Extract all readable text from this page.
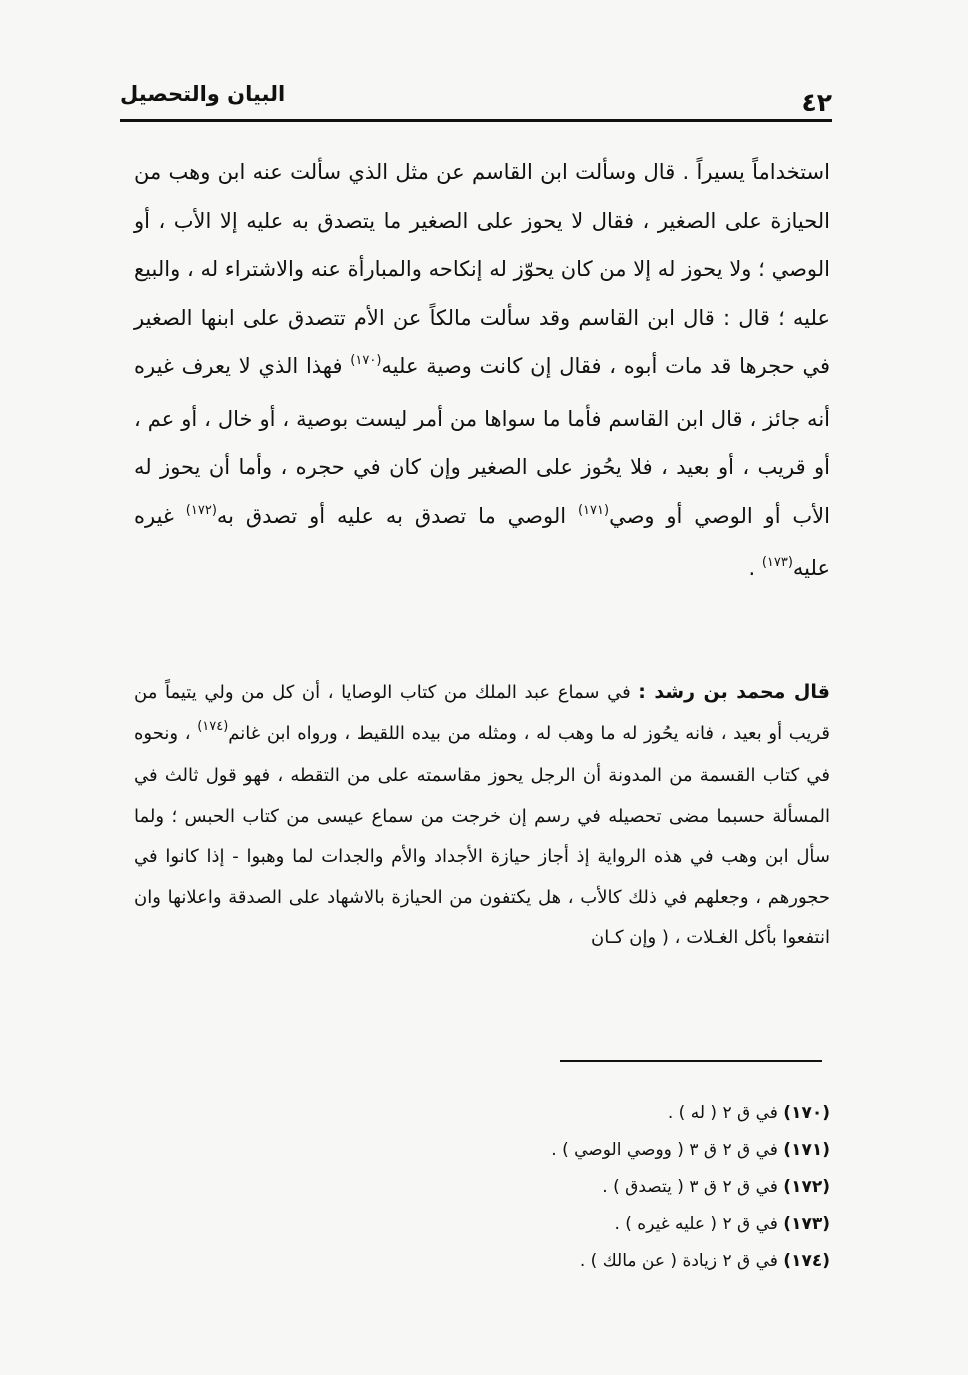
٤٢
البيان والتحصيل

استخداماً يسيراً . قال وسألت ابن القاسم عن مثل الذي سألت عنه ابن وهب من الحيازة على الصغير ، فقال لا يحوز على الصغير ما يتصدق به عليه إلا الأب ، أو الوصي ؛ ولا يحوز له إلا من كان يحوّز له إنكاحه والمبارأة عنه والاشتراء له ، والبيع عليه ؛ قال : قال ابن القاسم وقد سألت مالكاً عن الأم تتصدق على ابنها الصغير في حجرها قد مات أبوه ، فقال إن كانت وصية عليه$^{(١٧٠)}$ فهذا الذي لا يعرف غيره أنه جائز ، قال ابن القاسم فأما ما سواها من أمر ليست بوصية ، أو خال ، أو عم ، أو قريب ، أو بعيد ، فلا يحُوز على الصغير وإن كان في حجره ، وأما أن يحوز له الأب أو الوصي أو وصي$^{(١٧١)}$ الوصي ما تصدق به عليه أو تصدق به$^{(١٧٢)}$ غيره عليه$^{(١٧٣)}$ .

قال محمد بن رشد : في سماع عبد الملك من كتاب الوصايا ، أن كل من ولي يتيماً من قريب أو بعيد ، فانه يحُوز له ما وهب له ، ومثله من بيده اللقيط ، ورواه ابن غانم$^{(١٧٤)}$ ، ونحوه في كتاب القسمة من المدونة أن الرجل يحوز مقاسمته على من التقطه ، فهو قول ثالث في المسألة حسبما مضى تحصيله في رسم إن خرجت من سماع عيسى من كتاب الحبس ؛ ولما سأل ابن وهب في هذه الرواية إذ أجاز حيازة الأجداد والأم والجدات لما وهبوا - إذا كانوا في حجورهم ، وجعلهم في ذلك كالأب ، هل يكتفون من الحيازة بالاشهاد على الصدقة واعلانها وان انتفعوا بأكل الغـلات ، ( وإن كـان

(١٧٠) في ق ٢ ( له ) .
(١٧١) في ق ٢ ق ٣ ( ووصي الوصي ) .
(١٧٢) في ق ٢ ق ٣ ( يتصدق ) .
(١٧٣) في ق ٢ ( عليه غيره ) .
(١٧٤) في ق ٢ زيادة ( عن مالك ) .
